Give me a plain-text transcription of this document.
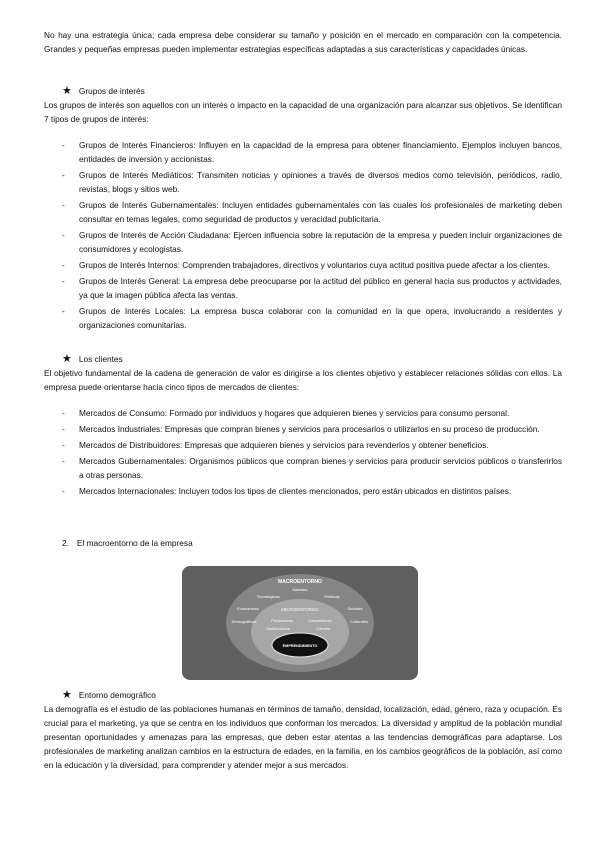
No hay una estrategia única; cada empresa debe considerar su tamaño y posición en el mercado en comparación con la competencia. Grandes y pequeñas empresas pueden implementar estrategias específicas adaptadas a sus características y capacidades únicas.

★ Grupos de interés

Los grupos de interés son aquellos con un interés o impacto en la capacidad de una organización para alcanzar sus objetivos. Se identifican 7 tipos de grupos de interés:

- Grupos de Interés Financieros: Influyen en la capacidad de la empresa para obtener financiamiento. Ejemplos incluyen bancos, entidades de inversión y accionistas.
- Grupos de Interés Mediáticos: Transmiten noticias y opiniones a través de diversos medios como televisión, periódicos, radio, revistas, blogs y sitios web.
- Grupos de Interés Gubernamentales: Incluyen entidades gubernamentales con las cuales los profesionales de marketing deben consultar en temas legales, como seguridad de productos y veracidad publicitaria.
- Grupos de Interés de Acción Ciudadana: Ejercen influencia sobre la reputación de la empresa y pueden incluir organizaciones de consumidores y ecologistas.
- Grupos de Interés Internos: Comprenden trabajadores, directivos y voluntarios cuya actitud positiva puede afectar a los clientes.
- Grupos de Interés General: La empresa debe preocuparse por la actitud del público en general hacia sus productos y actividades, ya que la imagen pública afecta las ventas.
- Grupos de Interés Locales: La empresa busca colaborar con la comunidad en la que opera, involucrando a residentes y organizaciones comunitarias.
★ Los clientes

El objetivo fundamental de la cadena de generación de valor es dirigirse a los clientes objetivo y establecer relaciones sólidas con ellos. La empresa puede orientarse hacia cinco tipos de mercados de clientes:

- Mercados de Consumo: Formado por individuos y hogares que adquieren bienes y servicios para consumo personal.
- Mercados Industriales: Empresas que compran bienes y servicios para procesarlos o utilizarlos en su proceso de producción.
- Mercados de Distribuidores: Empresas que adquieren bienes y servicios para revenderlos y obtener beneficios.
- Mercados Gubernamentales: Organismos públicos que compran bienes y servicios para producir servicios públicos o transferirlos a otras personas.
- Mercados Internacionales: Incluyen todos los tipos de clientes mencionados, pero están ubicados en distintos países.
2. El macroentorno de la empresa
MACROENTORNO
Naturales
Tecnológicas	Políticas
Económicas	Sociales
Demográficas	Culturales
MICROENTORNO
Proveedores	Competidores
Distribuidores	Clientes
EMPRENDIMIENTO
★ Entorno demográfico

La demografía es el estudio de las poblaciones humanas en términos de tamaño, densidad, localización, edad, género, raza y ocupación. Es crucial para el marketing, ya que se centra en los individuos que conforman los mercados. La diversidad y amplitud de la población mundial presentan oportunidades y amenazas para las empresas, que deben estar atentas a las tendencias demográficas para adaptarse. Los profesionales de marketing analizan cambios en la estructura de edades, en la familia, en los cambios geográficos de la población, así como en la educación y la diversidad, para comprender y atender mejor a sus mercados.
